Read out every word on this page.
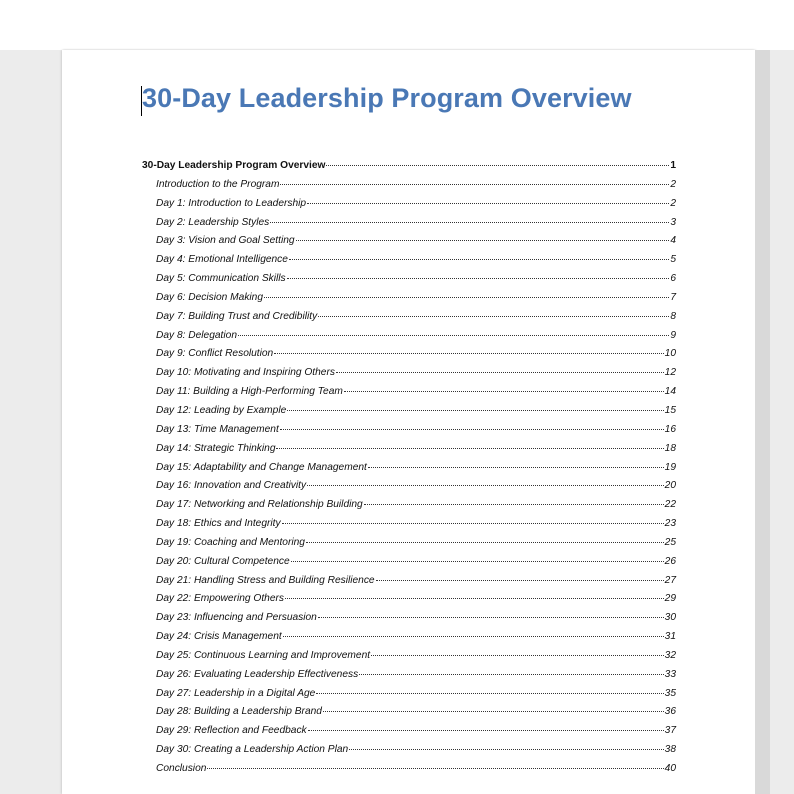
30-Day Leadership Program Overview
30-Day Leadership Program Overview	1
Introduction to the Program	2
Day 1: Introduction to Leadership	2
Day 2: Leadership Styles	3
Day 3: Vision and Goal Setting	4
Day 4: Emotional Intelligence	5
Day 5: Communication Skills	6
Day 6: Decision Making	7
Day 7: Building Trust and Credibility	8
Day 8: Delegation	9
Day 9: Conflict Resolution	10
Day 10: Motivating and Inspiring Others	12
Day 11: Building a High-Performing Team	14
Day 12: Leading by Example	15
Day 13: Time Management	16
Day 14: Strategic Thinking	18
Day 15: Adaptability and Change Management	19
Day 16: Innovation and Creativity	20
Day 17: Networking and Relationship Building	22
Day 18: Ethics and Integrity	23
Day 19: Coaching and Mentoring	25
Day 20: Cultural Competence	26
Day 21: Handling Stress and Building Resilience	27
Day 22: Empowering Others	29
Day 23: Influencing and Persuasion	30
Day 24: Crisis Management	31
Day 25: Continuous Learning and Improvement	32
Day 26: Evaluating Leadership Effectiveness	33
Day 27: Leadership in a Digital Age	35
Day 28: Building a Leadership Brand	36
Day 29: Reflection and Feedback	37
Day 30: Creating a Leadership Action Plan	38
Conclusion	40
